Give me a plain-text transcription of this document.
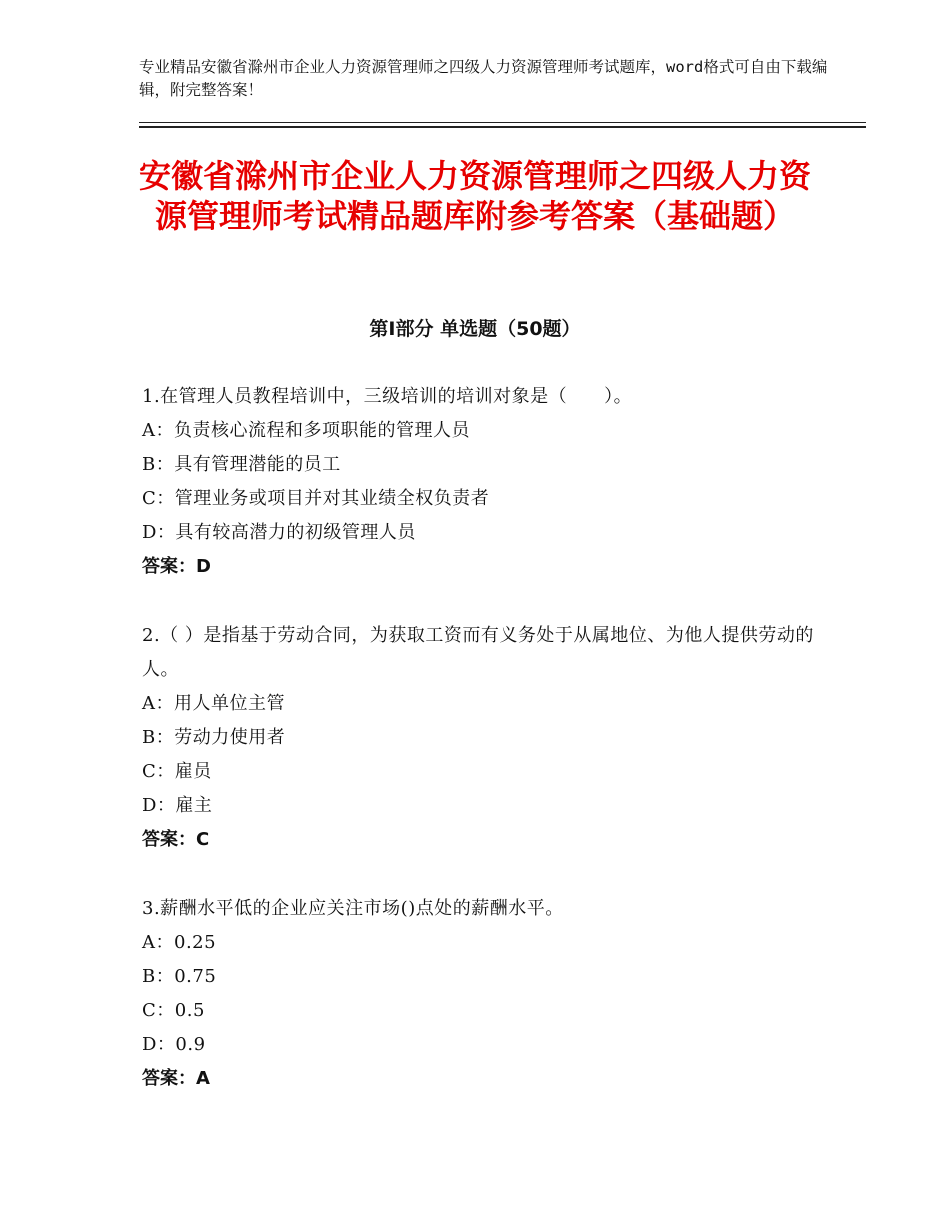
专业精品安徽省滁州市企业人力资源管理师之四级人力资源管理师考试题库，word格式可自由下载编辑，附完整答案！
安徽省滁州市企业人力资源管理师之四级人力资源管理师考试精品题库附参考答案（基础题）
第Ⅰ部分 单选题（50题）

1.在管理人员教程培训中，三级培训的培训对象是（　　）。

A：负责核心流程和多项职能的管理人员

B：具有管理潜能的员工

C：管理业务或项目并对其业绩全权负责者

D：具有较高潜力的初级管理人员

答案：D

2.（ ）是指基于劳动合同，为获取工资而有义务处于从属地位、为他人提供劳动的人。

A：用人单位主管

B：劳动力使用者

C：雇员

D：雇主

答案：C

3.薪酬水平低的企业应关注市场()点处的薪酬水平。

A：0.25

B：0.75

C：0.5

D：0.9

答案：A
